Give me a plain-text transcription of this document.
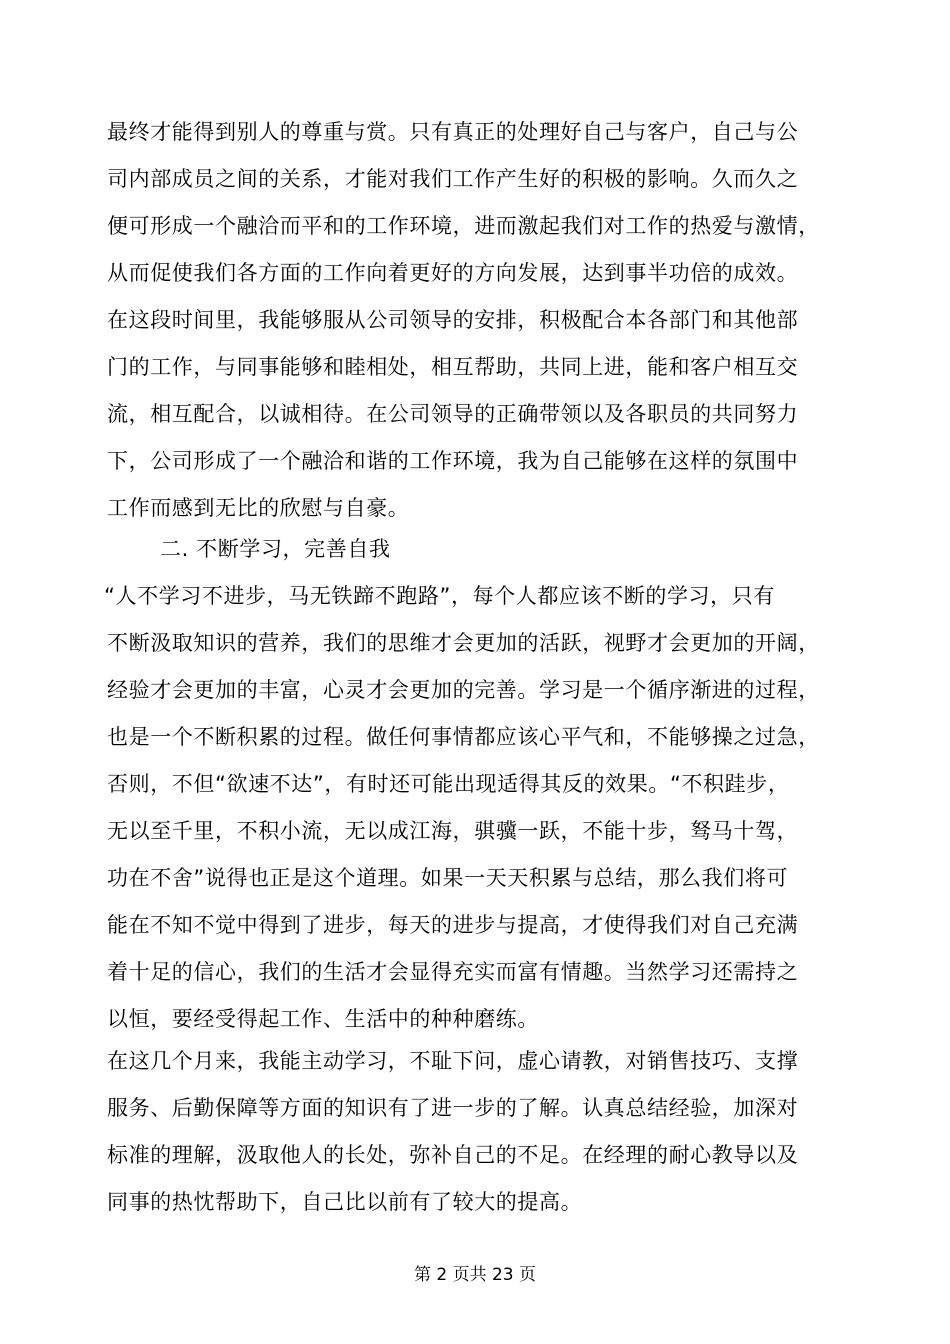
最终才能得到别人的尊重与赏。只有真正的处理好自己与客户，自己与公
司内部成员之间的关系，才能对我们工作产生好的积极的影响。久而久之
便可形成一个融洽而平和的工作环境，进而激起我们对工作的热爱与激情，
从而促使我们各方面的工作向着更好的方向发展，达到事半功倍的成效。
在这段时间里，我能够服从公司领导的安排，积极配合本各部门和其他部
门的工作，与同事能够和睦相处，相互帮助，共同上进，能和客户相互交
流，相互配合，以诚相待。在公司领导的正确带领以及各职员的共同努力
下，公司形成了一个融洽和谐的工作环境，我为自己能够在这样的氛围中
工作而感到无比的欣慰与自豪。
二. 不断学习，完善自我
“人不学习不进步，马无铁蹄不跑路”，每个人都应该不断的学习，只有
不断汲取知识的营养，我们的思维才会更加的活跃，视野才会更加的开阔，
经验才会更加的丰富，心灵才会更加的完善。学习是一个循序渐进的过程，
也是一个不断积累的过程。做任何事情都应该心平气和，不能够操之过急，
否则，不但“欲速不达”，有时还可能出现适得其反的效果。“不积跬步，
无以至千里，不积小流，无以成江海，骐骥一跃，不能十步，驽马十驾，
功在不舍”说得也正是这个道理。如果一天天积累与总结，那么我们将可
能在不知不觉中得到了进步，每天的进步与提高，才使得我们对自己充满
着十足的信心，我们的生活才会显得充实而富有情趣。当然学习还需持之
以恒，要经受得起工作、生活中的种种磨练。
在这几个月来，我能主动学习，不耻下问，虚心请教，对销售技巧、支撑
服务、后勤保障等方面的知识有了进一步的了解。认真总结经验，加深对
标准的理解，汲取他人的长处，弥补自己的不足。在经理的耐心教导以及
同事的热忱帮助下，自己比以前有了较大的提高。
第 2 页共 23 页
